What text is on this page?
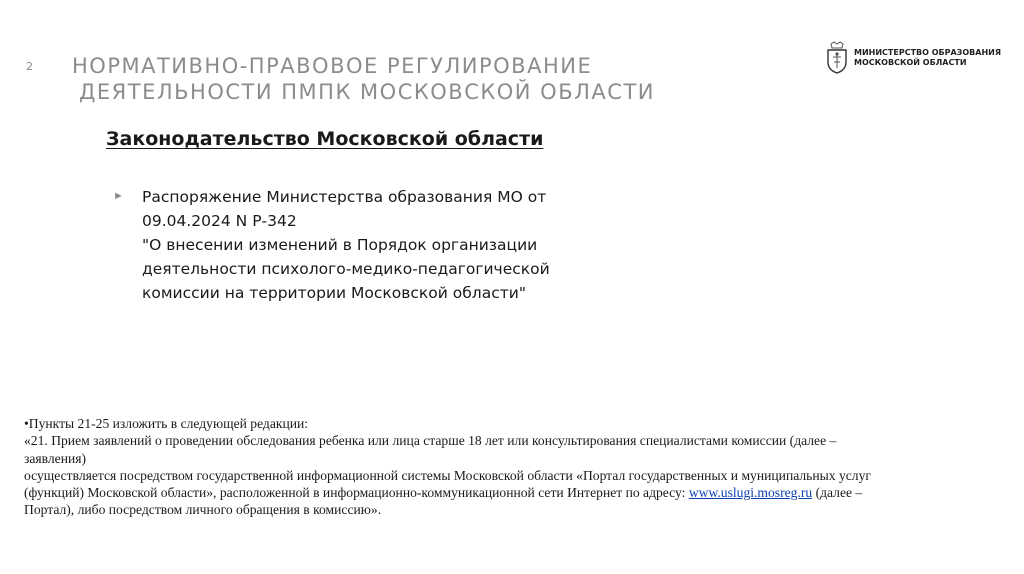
2 НОРМАТИВНО-ПРАВОВОЕ РЕГУЛИРОВАНИЕ
ДЕЯТЕЛЬНОСТИ ПМПК МОСКОВСКОЙ ОБЛАСТИ
МИНИСТЕРСТВО ОБРАЗОВАНИЯ
МОСКОВСКОЙ ОБЛАСТИ
Законодательство Московской области
► Распоряжение Министерства образования МО от
09.04.2024 N Р-342
"О внесении изменений в Порядок организации
деятельности психолого-медико-педагогической
комиссии на территории Московской области"
•Пункты 21-25 изложить в следующей редакции:
«21. Прием заявлений о проведении обследования ребенка или лица старше 18 лет или консультирования специалистами комиссии (далее –
заявления)
осуществляется посредством государственной информационной системы Московской области «Портал государственных и муниципальных услуг
(функций) Московской области», расположенной в информационно-коммуникационной сети Интернет по адресу: www.uslugi.mosreg.ru (далее –
Портал), либо посредством личного обращения в комиссию».
